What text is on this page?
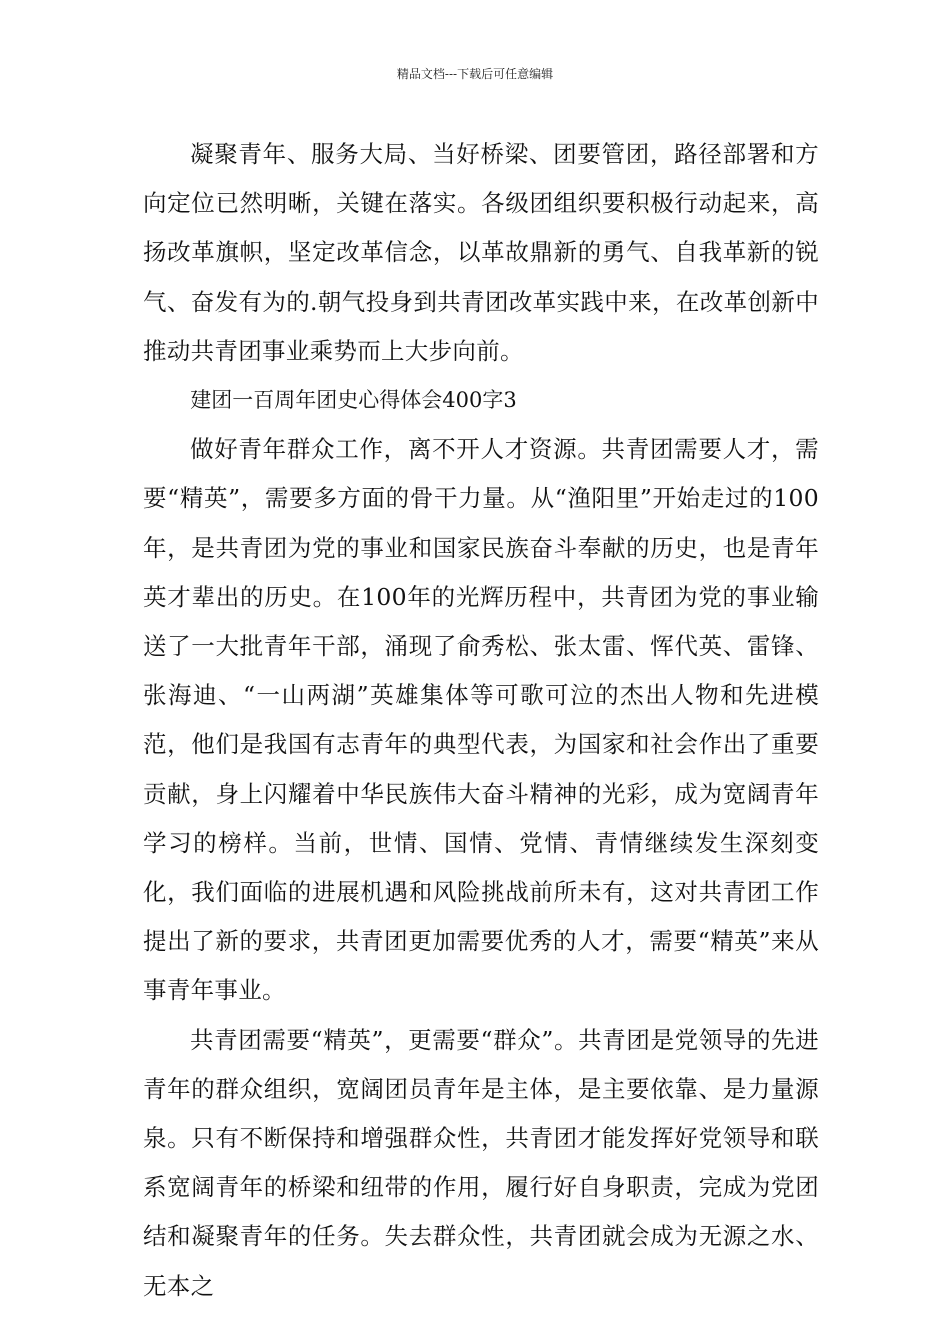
精品文档---下载后可任意编辑

凝聚青年、服务大局、当好桥梁、团要管团，路径部署和方向定位已然明晰，关键在落实。各级团组织要积极行动起来，高扬改革旗帜，坚定改革信念，以革故鼎新的勇气、自我革新的锐气、奋发有为的.朝气投身到共青团改革实践中来，在改革创新中推动共青团事业乘势而上大步向前。

建团一百周年团史心得体会400字3

做好青年群众工作，离不开人才资源。共青团需要人才，需要“精英”，需要多方面的骨干力量。从“渔阳里”开始走过的100年，是共青团为党的事业和国家民族奋斗奉献的历史，也是青年英才辈出的历史。在100年的光辉历程中，共青团为党的事业输送了一大批青年干部，涌现了俞秀松、张太雷、恽代英、雷锋、张海迪、“一山两湖”英雄集体等可歌可泣的杰出人物和先进模范，他们是我国有志青年的典型代表，为国家和社会作出了重要贡献，身上闪耀着中华民族伟大奋斗精神的光彩，成为宽阔青年学习的榜样。当前，世情、国情、党情、青情继续发生深刻变化，我们面临的进展机遇和风险挑战前所未有，这对共青团工作提出了新的要求，共青团更加需要优秀的人才，需要“精英”来从事青年事业。

共青团需要“精英”，更需要“群众”。共青团是党领导的先进青年的群众组织，宽阔团员青年是主体，是主要依靠、是力量源泉。只有不断保持和增强群众性，共青团才能发挥好党领导和联系宽阔青年的桥梁和纽带的作用，履行好自身职责，完成为党团结和凝聚青年的任务。失去群众性，共青团就会成为无源之水、无本之
